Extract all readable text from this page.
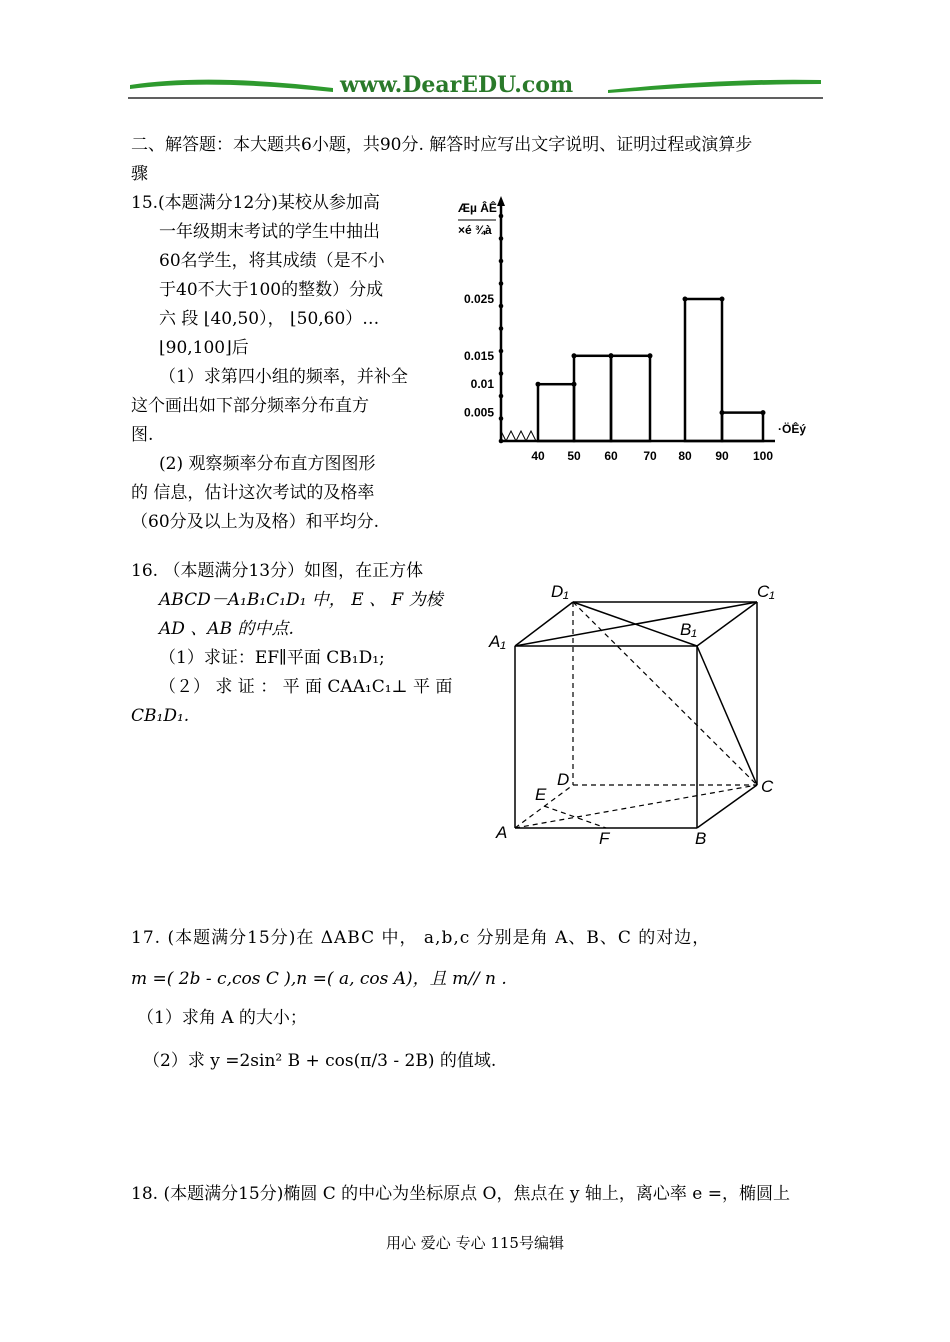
www.DearEDU.com
二、解答题：本大题共6小题，共90分. 解答时应写出文字说明、证明过程或演算步
骤
15.(本题满分12分)某校从参加高
一年级期末考试的学生中抽出
60名学生，将其成绩（是不小
于40不大于100的整数）分成
六 段 ⌊40,50）， ⌊50,60）…
⌊90,100⌋后
（1）求第四小组的频率，并补全
这个画出如下部分频率分布直方
图.
(2) 观察频率分布直方图图形
的 信息，估计这次考试的及格率
（60分及以上为及格）和平均分.
Æµ ÂÊ
×é ¾à
·ÖÊý
40 50 60 70 80 90 100
0.025
0.015
0.01
0.005
16. （本题满分13分）如图，在正方体
ABCD－A₁B₁C₁D₁ 中， E 、 F 为棱
AD 、AB 的中点.
（1）求证：EF∥平面 CB₁D₁;
（２） 求 证 ： 平 面 CAA₁C₁⊥ 平 面
CB₁D₁.
D₁	C₁
A₁
B₁
D	C
E
A	F	B
17. (本题满分15分)在 ΔABC 中， a,b,c 分别是角 A、B、C 的对边，
m =( 2b - c,cos C ),n =( a, cos A)，且 m// n .
（1）求角 A 的大小；
（2）求 y =2sin² B + cos(π/3 - 2B) 的值域.
18. (本题满分15分)椭圆 C 的中心为坐标原点 O，焦点在 y 轴上，离心率 e =，椭圆上
用心 爱心 专心 115号编辑
